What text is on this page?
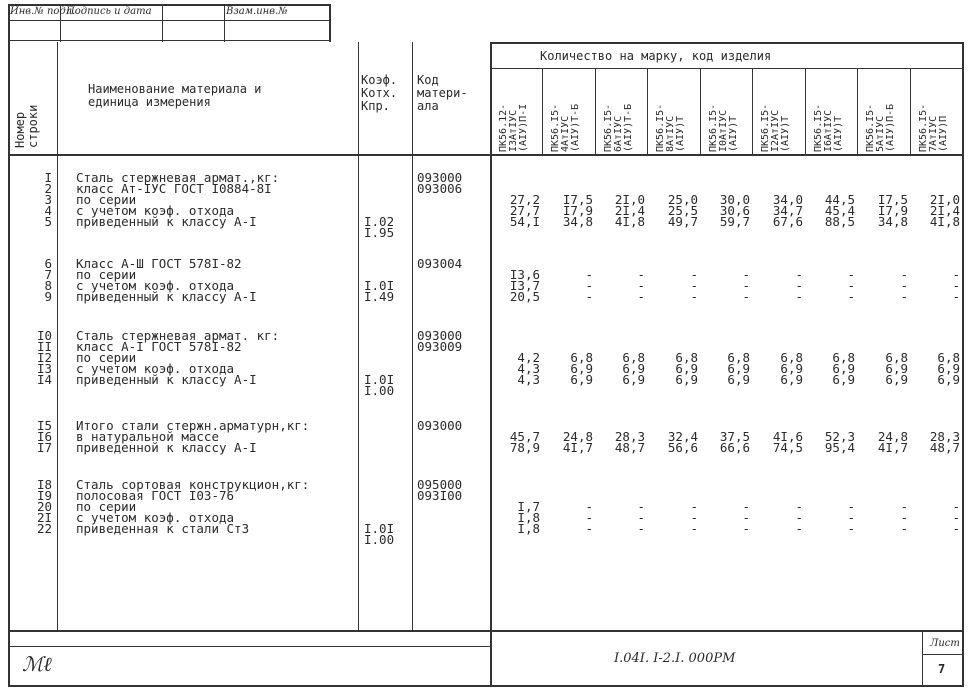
Инв.№ подл.
Подпись и дата	Взам.инв.№
Номер
строки
Наименование материала и
единица измерения
Коэф.
Котх.
Кпр.
Код
матери-
ала
Количество на марку, код изделия
ПК56.12-
I3AтIУС
(AIУ)П-I ПК56.I5-
4AтIУС
(AIУ)Т-Б ПК56.I5-
6AтIУС
(AIУ)Т-Б ПК56.I5-
8AтIУС
(AIУ)Т ПК56.I5-
I0AтIУС
(AIУ)Т ПК56.I5-
I2AтIУС
(AIУ)Т ПК56.I5-
I6AтIУС
(AIУ)Т ПК56.I5-
5AтIУС
(AIУ)П-Б ПК56.I5-
7AтIУС
(AIУ)П
I
2
3
4
5
Сталь стержневая армат.,кг:
класс Ат-IУС ГОСТ I0884-8I
по серии
с учетом коэф. отхода
приведенный к классу А-I
093000
093006
I.02
I.95
27,2
27,7
54,I
I7,5
I7,9
34,8
2I,0
2I,4
4I,8
25,0
25,5
49,7
30,0
30,6
59,7
34,0
34,7
67,6
44,5
45,4
88,5
I7,5
I7,9
34,8
2I,0
2I,4
4I,8
6
7
8
9
Класс А-Ш ГОСТ 578I-82
по серии
с учетом коэф. отхода
приведенный к классу А-I
093004
I.0I
I.49
I3,6
I3,7
20,5
-
-
-
-
-
-
-
-
-
-
-
-
-
-
-
-
-
-
-
-
-
-
-
-
I0
II
I2
I3
I4
Сталь стержневая армат. кг:
класс А-I ГОСТ 578I-82
по серии
с учетом коэф. отхода
приведенный к классу А-I
093000
093009
I.0I
I.00
4,2
4,3
4,3
6,8
6,9
6,9
6,8
6,9
6,9
6,8
6,9
6,9
6,8
6,9
6,9
6,8
6,9
6,9
6,8
6,9
6,9
6,8
6,9
6,9
6,8
6,9
6,9
I5
I6
I7
Итого стали стержн.арматурн,кг:
в натуральной массе
приведенной к классу А-I
093000
45,7
78,9
24,8
4I,7
28,3
48,7
32,4
56,6
37,5
66,6
4I,6
74,5
52,3
95,4
24,8
4I,7
28,3
48,7
I8
I9
20
2I
22
Сталь сортовая конструкцион,кг:
полосовая ГОСТ I03-76
по серии
с учетом коэф. отхода
приведенная к стали Ст3
095000
093I00
I.0I
I.00
I,7
I,8
I,8
-
-
-
-
-
-
-
-
-
-
-
-
-
-
-
-
-
-
-
-
-
-
-
-
ℳℓ	I.04I. I-2.I. 000РМ
Лист
7
